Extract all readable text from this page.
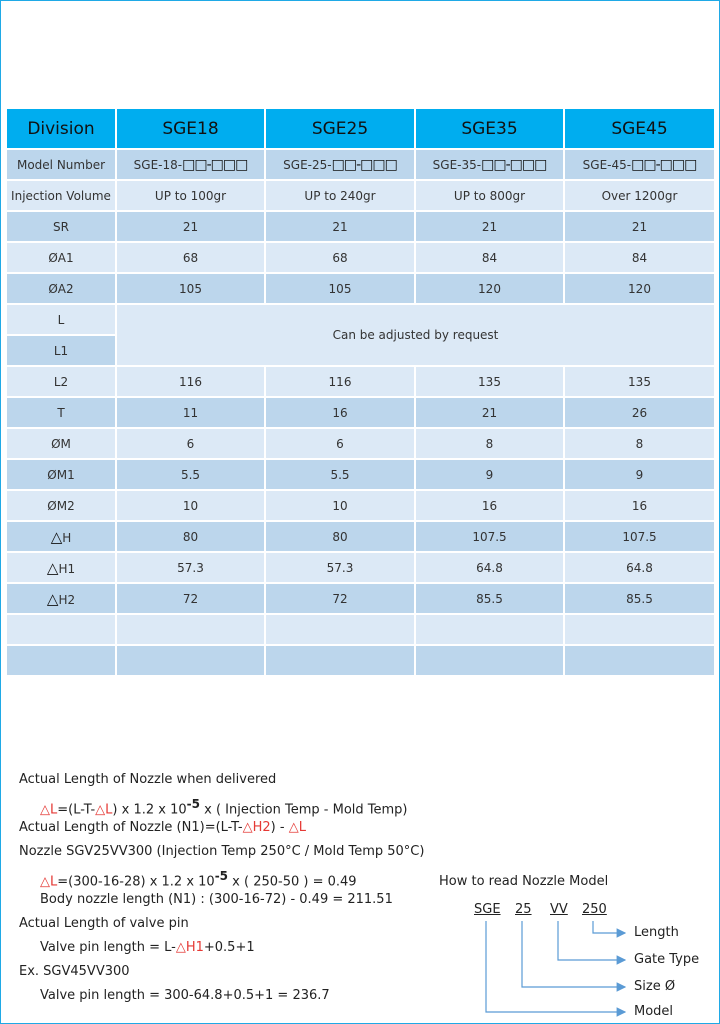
Division	SGE18	SGE25	SGE35	SGE45
Model Number	SGE-18-□□-□□□	SGE-25-□□-□□□	SGE-35-□□-□□□	SGE-45-□□-□□□
Injection Volume	UP to 100gr	UP to 240gr	UP to 800gr	Over 1200gr
SR	21	21	21	21
ØA1	68	68	84	84
ØA2	105	105	120	120
L	Can be adjusted by request			
L1				
L2	116	116	135	135
T	11	16	21	26
ØM	6	6	8	8
ØM1	5.5	5.5	9	9
ØM2	10	10	16	16
△H	80	80	107.5	107.5
△H1	57.3	57.3	64.8	64.8
△H2	72	72	85.5	85.5

Actual Length of Nozzle when delivered
△L=(L-T-△L) x 1.2 x $10^{-5}$ x ( Injection Temp - Mold Temp)
Actual Length of Nozzle (N1)=(L-T-△H2) - △L
Nozzle SGV25VV300 (Injection Temp 250°C / Mold Temp 50°C)
△L=(300-16-28) x 1.2 x $10^{-5}$ x ( 250-50 ) = 0.49
Body nozzle length (N1) : (300-16-72) - 0.49 = 211.51
Actual Length of valve pin
Valve pin length = L-△H1+0.5+1
Ex. SGV45VV300
Valve pin length = 300-64.8+0.5+1 = 236.7
How to read Nozzle Model
SGE 25 VV 250
Length
Gate Type
Size Ø
Model
